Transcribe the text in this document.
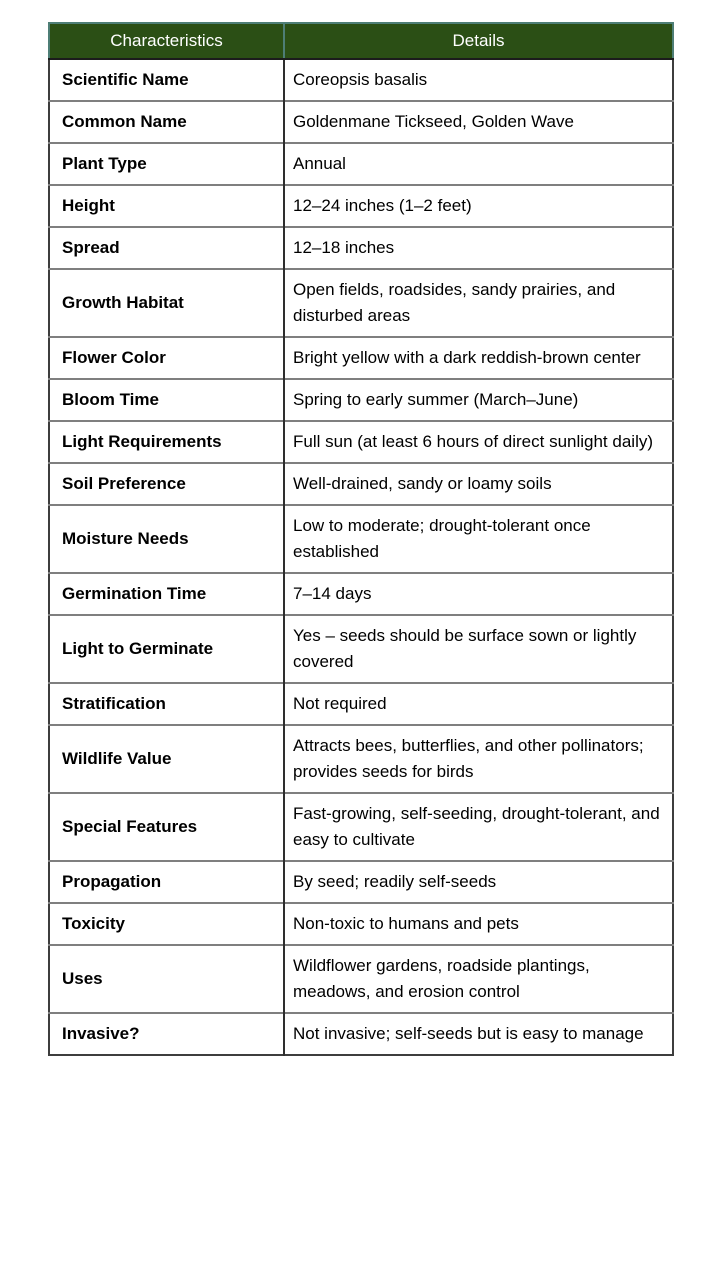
Characteristics	Details
Scientific Name	Coreopsis basalis
Common Name	Goldenmane Tickseed, Golden Wave
Plant Type	Annual
Height	12–24 inches (1–2 feet)
Spread	12–18 inches
Growth Habitat	Open fields, roadsides, sandy prairies, and disturbed areas
Flower Color	Bright yellow with a dark reddish-brown center
Bloom Time	Spring to early summer (March–June)
Light Requirements	Full sun (at least 6 hours of direct sunlight daily)
Soil Preference	Well-drained, sandy or loamy soils
Moisture Needs	Low to moderate; drought-tolerant once established
Germination Time	7–14 days
Light to Germinate	Yes – seeds should be surface sown or lightly covered
Stratification	Not required
Wildlife Value	Attracts bees, butterflies, and other pollinators; provides seeds for birds
Special Features	Fast-growing, self-seeding, drought-tolerant, and easy to cultivate
Propagation	By seed; readily self-seeds
Toxicity	Non-toxic to humans and pets
Uses	Wildflower gardens, roadside plantings, meadows, and erosion control
Invasive?	Not invasive; self-seeds but is easy to manage
